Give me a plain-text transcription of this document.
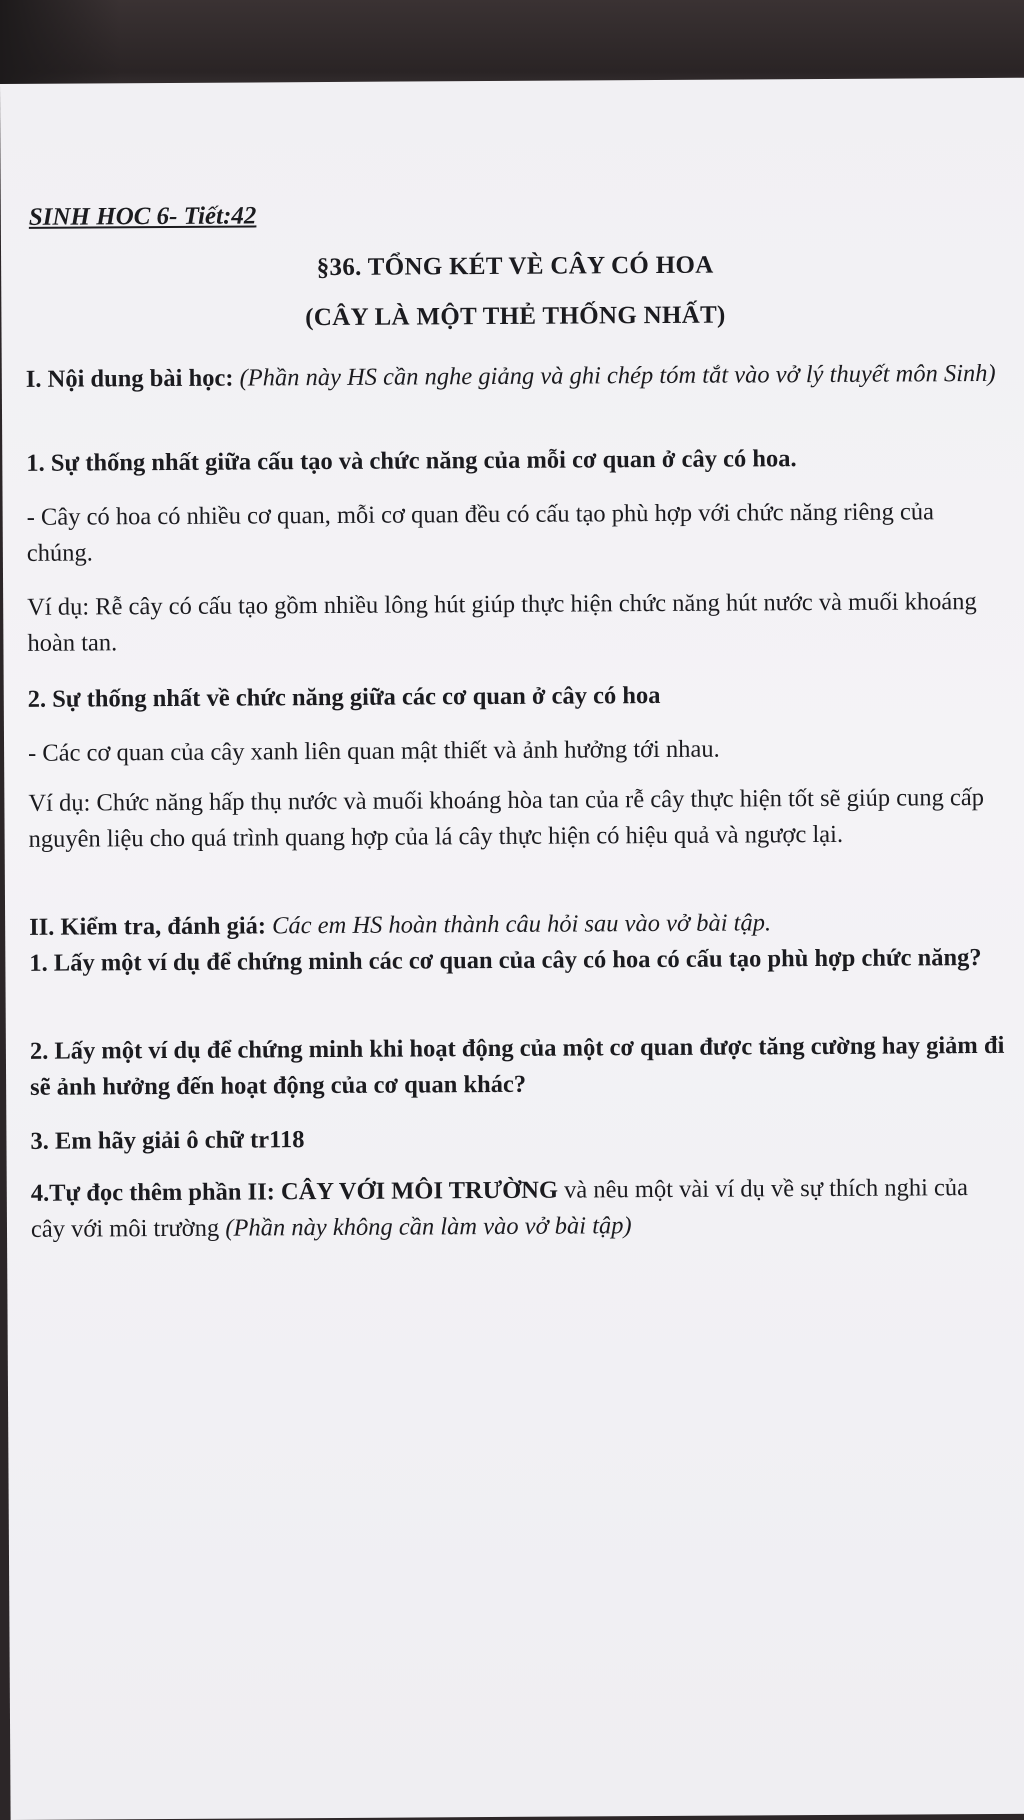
SINH HOC 6- Tiết:42
§36. TỔNG KÉT VÈ CÂY CÓ HOA
(CÂY LÀ MỘT THẺ THỐNG NHẤT)
I. Nội dung bài học: (Phần này HS cần nghe giảng và ghi chép tóm tắt vào vở lý thuyết môn Sinh)
1. Sự thống nhất giữa cấu tạo và chức năng của mỗi cơ quan ở cây có hoa.
- Cây có hoa có nhiều cơ quan, mỗi cơ quan đều có cấu tạo phù hợp với chức năng riêng của chúng.
Ví dụ: Rễ cây có cấu tạo gồm nhiều lông hút giúp thực hiện chức năng hút nước và muối khoáng hoàn tan.
2. Sự thống nhất về chức năng giữa các cơ quan ở cây có hoa
- Các cơ quan của cây xanh liên quan mật thiết và ảnh hưởng tới nhau.
Ví dụ: Chức năng hấp thụ nước và muối khoáng hòa tan của rễ cây thực hiện tốt sẽ giúp cung cấp nguyên liệu cho quá trình quang hợp của lá cây thực hiện có hiệu quả và ngược lại.
II. Kiểm tra, đánh giá: Các em HS hoàn thành câu hỏi sau vào vở bài tập.
1. Lấy một ví dụ để chứng minh các cơ quan của cây có hoa có cấu tạo phù hợp chức năng?
2. Lấy một ví dụ để chứng minh khi hoạt động của một cơ quan được tăng cường hay giảm đi sẽ ảnh hưởng đến hoạt động của cơ quan khác?
3. Em hãy giải ô chữ tr118
4.Tự đọc thêm phần II: CÂY VỚI MÔI TRƯỜNG và nêu một vài ví dụ về sự thích nghi của cây với môi trường (Phần này không cần làm vào vở bài tập)
